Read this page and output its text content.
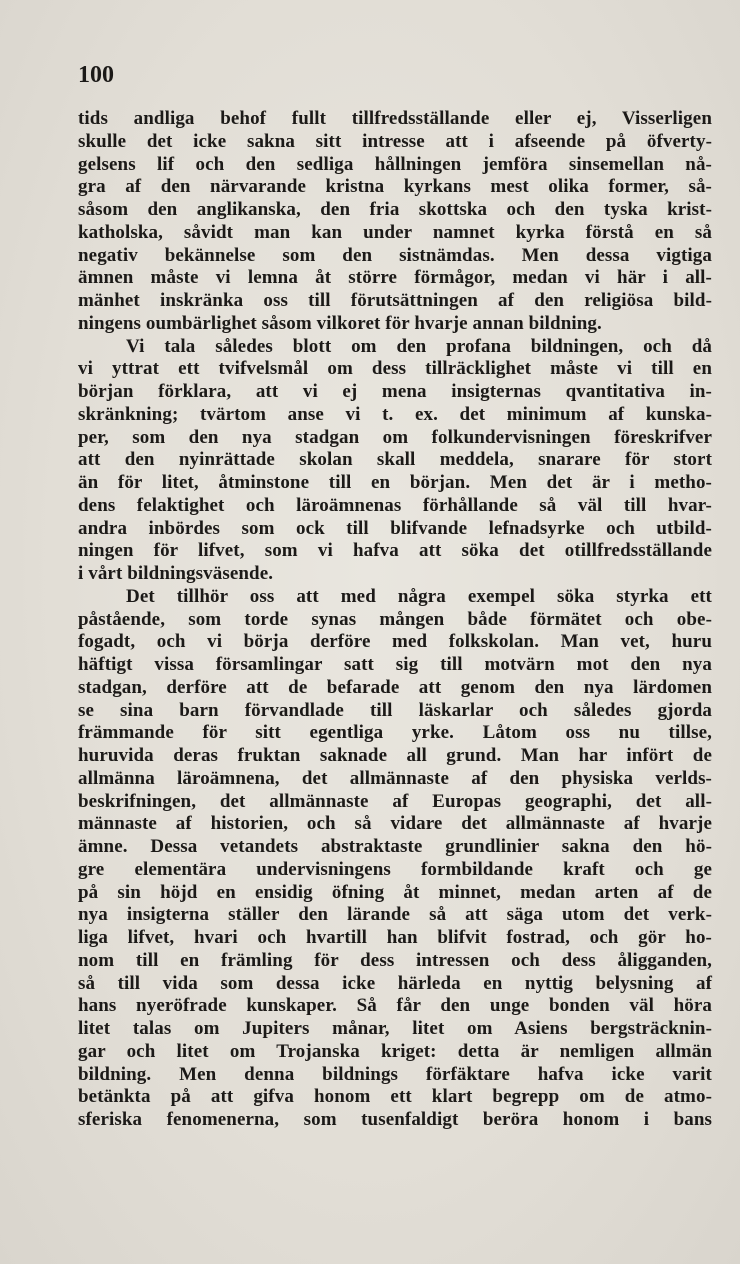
100
tids andliga behof fullt tillfredsställande eller ej, Visserligen
skulle det icke sakna sitt intresse att i afseende på öfverty-
gelsens lif och den sedliga hållningen jemföra sinsemellan nå-
gra af den närvarande kristna kyrkans mest olika former, så-
såsom den anglikanska, den fria skottska och den tyska krist-
katholska, såvidt man kan under namnet kyrka förstå en så
negativ bekännelse som den sistnämdas. Men dessa vigtiga
ämnen måste vi lemna åt större förmågor, medan vi här i all-
mänhet inskränka oss till förutsättningen af den religiösa bild-
ningens oumbärlighet såsom vilkoret för hvarje annan bildning.
Vi tala således blott om den profana bildningen, och då
vi yttrat ett tvifvelsmål om dess tillräcklighet måste vi till en
början förklara, att vi ej mena insigternas qvantitativa in-
skränkning; tvärtom anse vi t. ex. det minimum af kunska-
per, som den nya stadgan om folkundervisningen föreskrifver
att den nyinrättade skolan skall meddela, snarare för stort
än för litet, åtminstone till en början. Men det är i metho-
dens felaktighet och läroämnenas förhållande så väl till hvar-
andra inbördes som ock till blifvande lefnadsyrke och utbild-
ningen för lifvet, som vi hafva att söka det otillfredsställande
i vårt bildningsväsende.
Det tillhör oss att med några exempel söka styrka ett
påstående, som torde synas mången både förmätet och obe-
fogadt, och vi börja derföre med folkskolan. Man vet, huru
häftigt vissa församlingar satt sig till motvärn mot den nya
stadgan, derföre att de befarade att genom den nya lärdomen
se sina barn förvandlade till läskarlar och således gjorda
främmande för sitt egentliga yrke. Låtom oss nu tillse,
huruvida deras fruktan saknade all grund. Man har infört de
allmänna läroämnena, det allmännaste af den physiska verlds-
beskrifningen, det allmännaste af Europas geographi, det all-
männaste af historien, och så vidare det allmännaste af hvarje
ämne. Dessa vetandets abstraktaste grundlinier sakna den hö-
gre elementära undervisningens formbildande kraft och ge
på sin höjd en ensidig öfning åt minnet, medan arten af de
nya insigterna ställer den lärande så att säga utom det verk-
liga lifvet, hvari och hvartill han blifvit fostrad, och gör ho-
nom till en främling för dess intressen och dess åligganden,
så till vida som dessa icke härleda en nyttig belysning af
hans nyeröfrade kunskaper. Så får den unge bonden väl höra
litet talas om Jupiters månar, litet om Asiens bergsträcknin-
gar och litet om Trojanska kriget: detta är nemligen allmän
bildning. Men denna bildnings förfäktare hafva icke varit
betänkta på att gifva honom ett klart begrepp om de atmo-
sferiska fenomenerna, som tusenfaldigt beröra honom i bans
